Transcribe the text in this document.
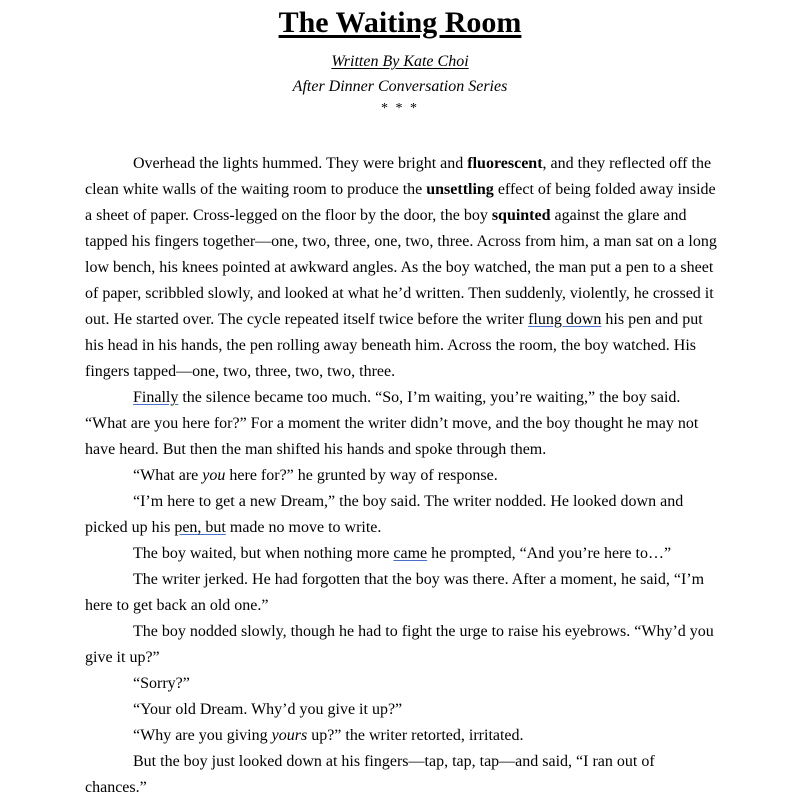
The Waiting Room
Written By Kate Choi
After Dinner Conversation Series
* * *

Overhead the lights hummed. They were bright and fluorescent, and they reflected off the clean white walls of the waiting room to produce the unsettling effect of being folded away inside a sheet of paper. Cross-legged on the floor by the door, the boy squinted against the glare and tapped his fingers together—one, two, three, one, two, three. Across from him, a man sat on a long low bench, his knees pointed at awkward angles. As the boy watched, the man put a pen to a sheet of paper, scribbled slowly, and looked at what he’d written. Then suddenly, violently, he crossed it out. He started over. The cycle repeated itself twice before the writer flung down his pen and put his head in his hands, the pen rolling away beneath him. Across the room, the boy watched. His fingers tapped—one, two, three, two, two, three.

Finally the silence became too much. “So, I’m waiting, you’re waiting,” the boy said. “What are you here for?” For a moment the writer didn’t move, and the boy thought he may not have heard. But then the man shifted his hands and spoke through them.

“What are you here for?” he grunted by way of response.

“I’m here to get a new Dream,” the boy said. The writer nodded. He looked down and picked up his pen, but made no move to write.

The boy waited, but when nothing more came he prompted, “And you’re here to…”

The writer jerked. He had forgotten that the boy was there. After a moment, he said, “I’m here to get back an old one.”

The boy nodded slowly, though he had to fight the urge to raise his eyebrows. “Why’d you give it up?”

“Sorry?”

“Your old Dream. Why’d you give it up?”

“Why are you giving yours up?” the writer retorted, irritated.

But the boy just looked down at his fingers—tap, tap, tap—and said, “I ran out of chances.”
